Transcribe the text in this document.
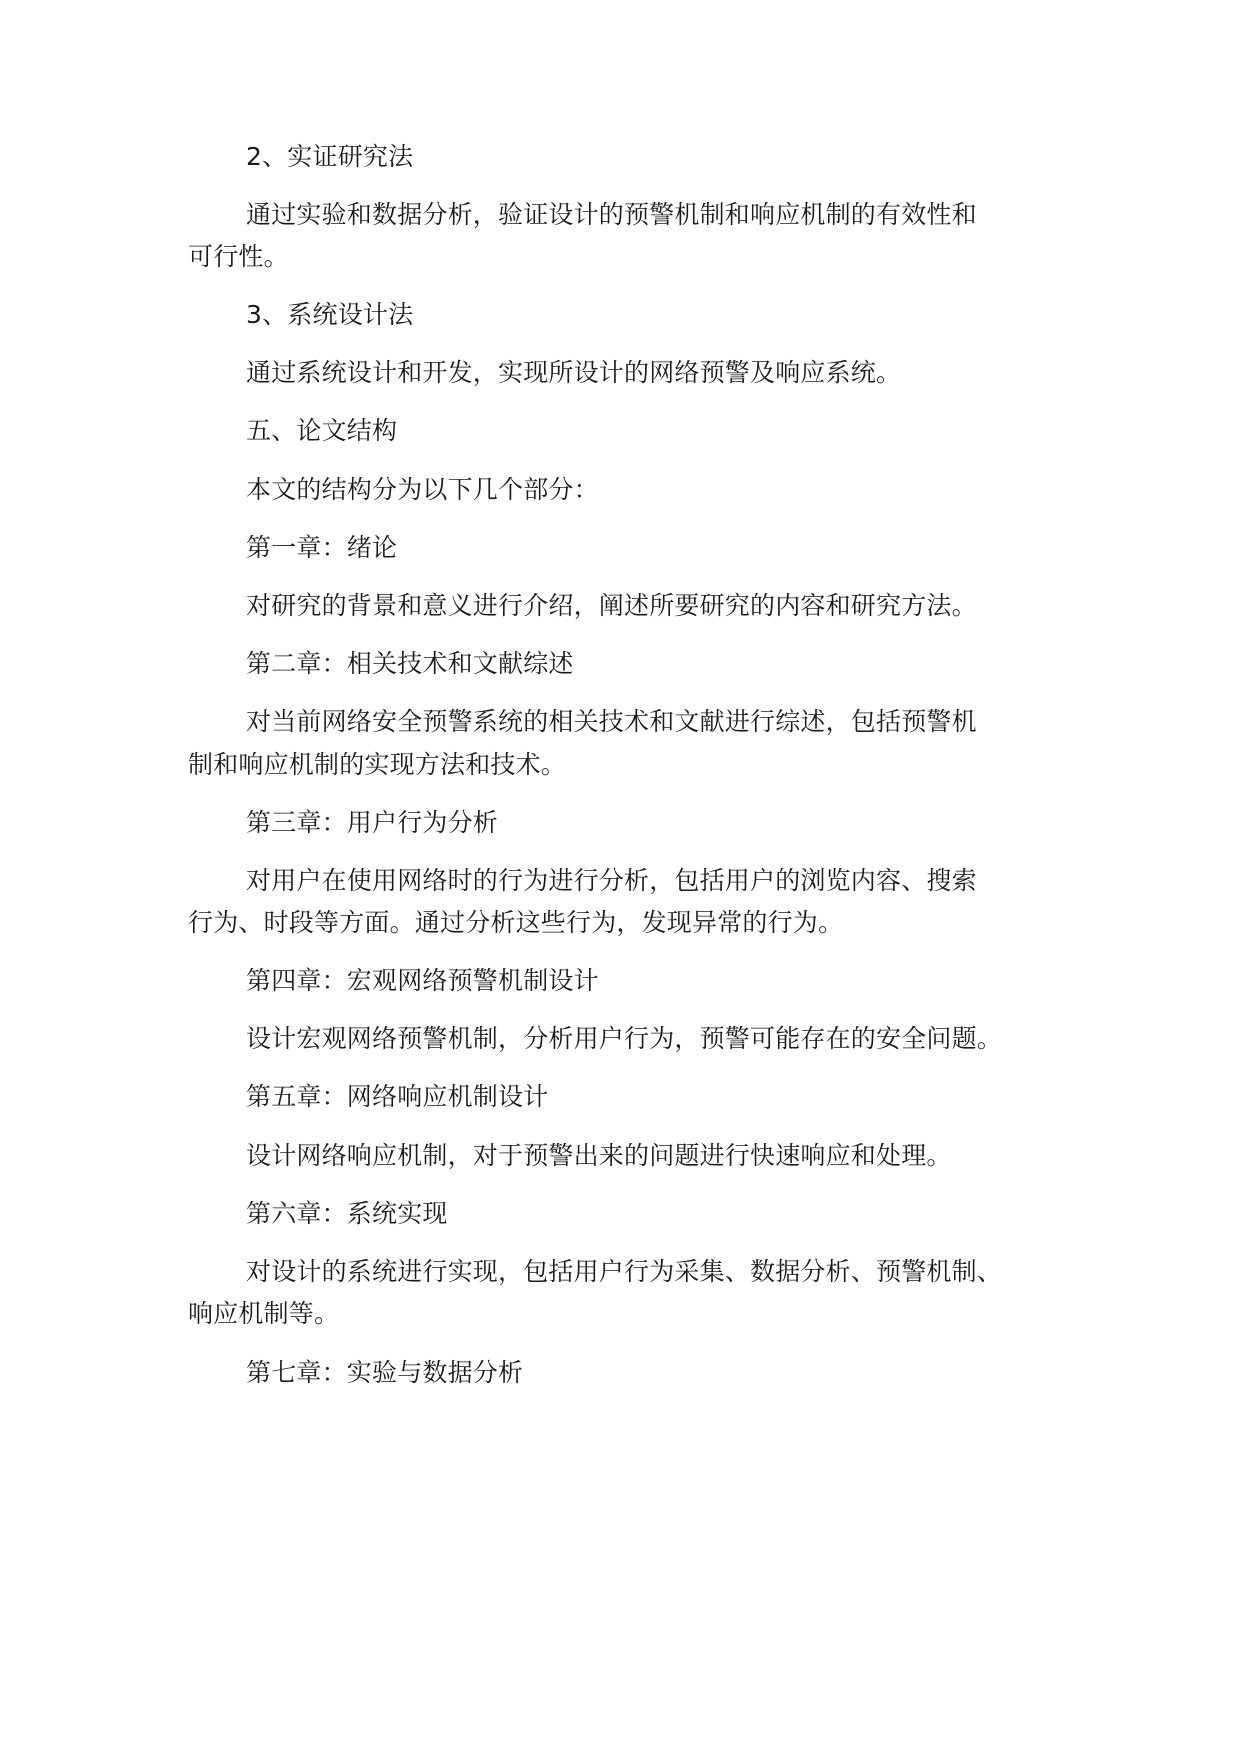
2、实证研究法
通过实验和数据分析，验证设计的预警机制和响应机制的有效性和
可行性。
3、系统设计法
通过系统设计和开发，实现所设计的网络预警及响应系统。
五、论文结构
本文的结构分为以下几个部分：
第一章：绪论
对研究的背景和意义进行介绍，阐述所要研究的内容和研究方法。
第二章：相关技术和文献综述
对当前网络安全预警系统的相关技术和文献进行综述，包括预警机
制和响应机制的实现方法和技术。
第三章：用户行为分析
对用户在使用网络时的行为进行分析，包括用户的浏览内容、搜索
行为、时段等方面。通过分析这些行为，发现异常的行为。
第四章：宏观网络预警机制设计
设计宏观网络预警机制，分析用户行为，预警可能存在的安全问题。
第五章：网络响应机制设计
设计网络响应机制，对于预警出来的问题进行快速响应和处理。
第六章：系统实现
对设计的系统进行实现，包括用户行为采集、数据分析、预警机制、
响应机制等。
第七章：实验与数据分析
